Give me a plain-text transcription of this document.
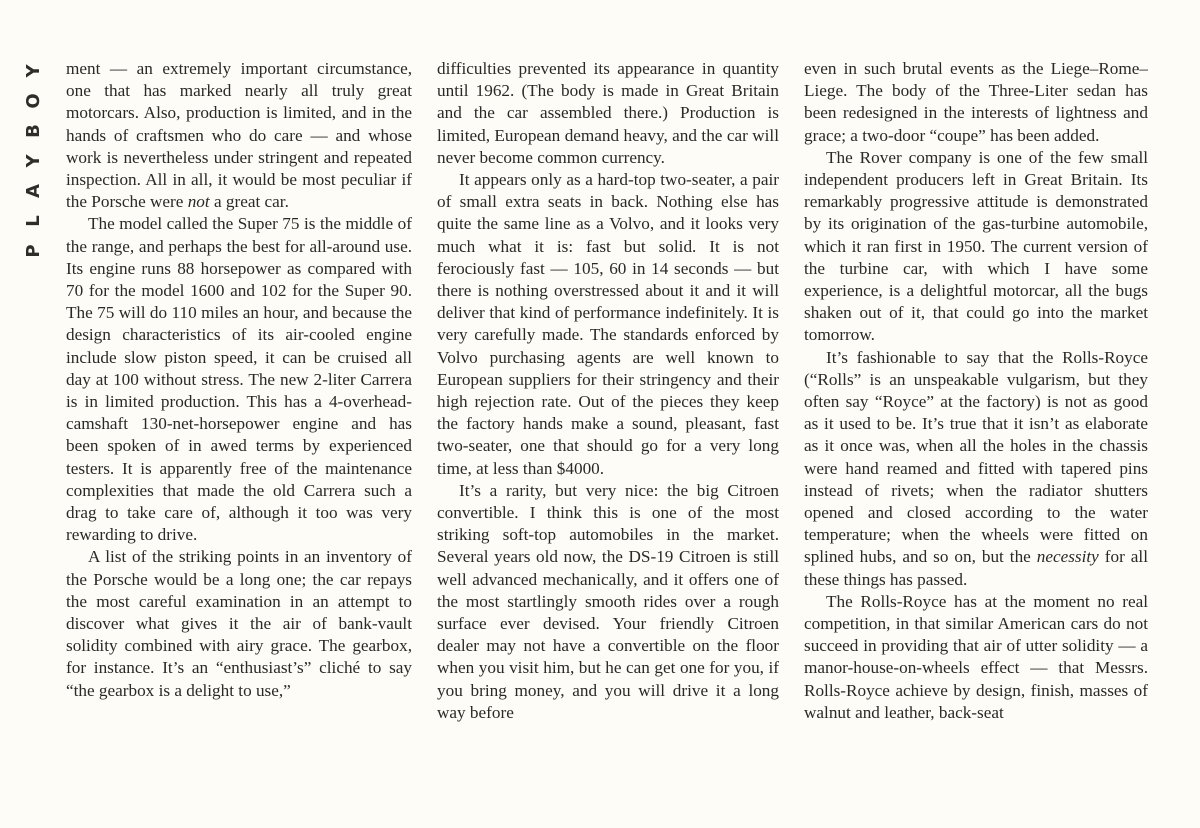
Y
O
B
Y
A
L
P

ment — an extremely important circumstance, one that has marked nearly all truly great motorcars. Also, production is limited, and in the hands of craftsmen who do care — and whose work is nevertheless under stringent and repeated inspection. All in all, it would be most peculiar if the Porsche were not a great car.

The model called the Super 75 is the middle of the range, and perhaps the best for all-around use. Its engine runs 88 horsepower as compared with 70 for the model 1600 and 102 for the Super 90. The 75 will do 110 miles an hour, and because the design characteristics of its air-cooled engine include slow piston speed, it can be cruised all day at 100 without stress. The new 2-liter Carrera is in limited production. This has a 4-overhead-camshaft 130-net-horsepower engine and has been spoken of in awed terms by experienced testers. It is apparently free of the maintenance complexities that made the old Carrera such a drag to take care of, although it too was very rewarding to drive.

A list of the striking points in an inventory of the Porsche would be a long one; the car repays the most careful examination in an attempt to discover what gives it the air of bank-vault solidity combined with airy grace. The gearbox, for instance. It’s an “enthusiast’s” cliché to say “the gearbox is a delight to use,”

difficulties prevented its appearance in quantity until 1962. (The body is made in Great Britain and the car assembled there.) Production is limited, European demand heavy, and the car will never become common currency.

It appears only as a hard-top two-seater, a pair of small extra seats in back. Nothing else has quite the same line as a Volvo, and it looks very much what it is: fast but solid. It is not ferociously fast — 105, 60 in 14 seconds — but there is nothing overstressed about it and it will deliver that kind of performance indefinitely. It is very carefully made. The standards enforced by Volvo purchasing agents are well known to European suppliers for their stringency and their high rejection rate. Out of the pieces they keep the factory hands make a sound, pleasant, fast two-seater, one that should go for a very long time, at less than $4000.

It’s a rarity, but very nice: the big Citroen convertible. I think this is one of the most striking soft-top automobiles in the market. Several years old now, the DS-19 Citroen is still well advanced mechanically, and it offers one of the most startlingly smooth rides over a rough surface ever devised. Your friendly Citroen dealer may not have a convertible on the floor when you visit him, but he can get one for you, if you bring money, and you will drive it a long way before

even in such brutal events as the Liege–Rome–Liege. The body of the Three-Liter sedan has been redesigned in the interests of lightness and grace; a two-door “coupe” has been added.

The Rover company is one of the few small independent producers left in Great Britain. Its remarkably progressive attitude is demonstrated by its origination of the gas-turbine automobile, which it ran first in 1950. The current version of the turbine car, with which I have some experience, is a delightful motorcar, all the bugs shaken out of it, that could go into the market tomorrow.

It’s fashionable to say that the Rolls-Royce (“Rolls” is an unspeakable vulgarism, but they often say “Royce” at the factory) is not as good as it used to be. It’s true that it isn’t as elaborate as it once was, when all the holes in the chassis were hand reamed and fitted with tapered pins instead of rivets; when the radiator shutters opened and closed according to the water temperature; when the wheels were fitted on splined hubs, and so on, but the necessity for all these things has passed.

The Rolls-Royce has at the moment no real competition, in that similar American cars do not succeed in providing that air of utter solidity — a manor-house-on-wheels effect — that Messrs. Rolls-Royce achieve by design, finish, masses of walnut and leather, back-seat
